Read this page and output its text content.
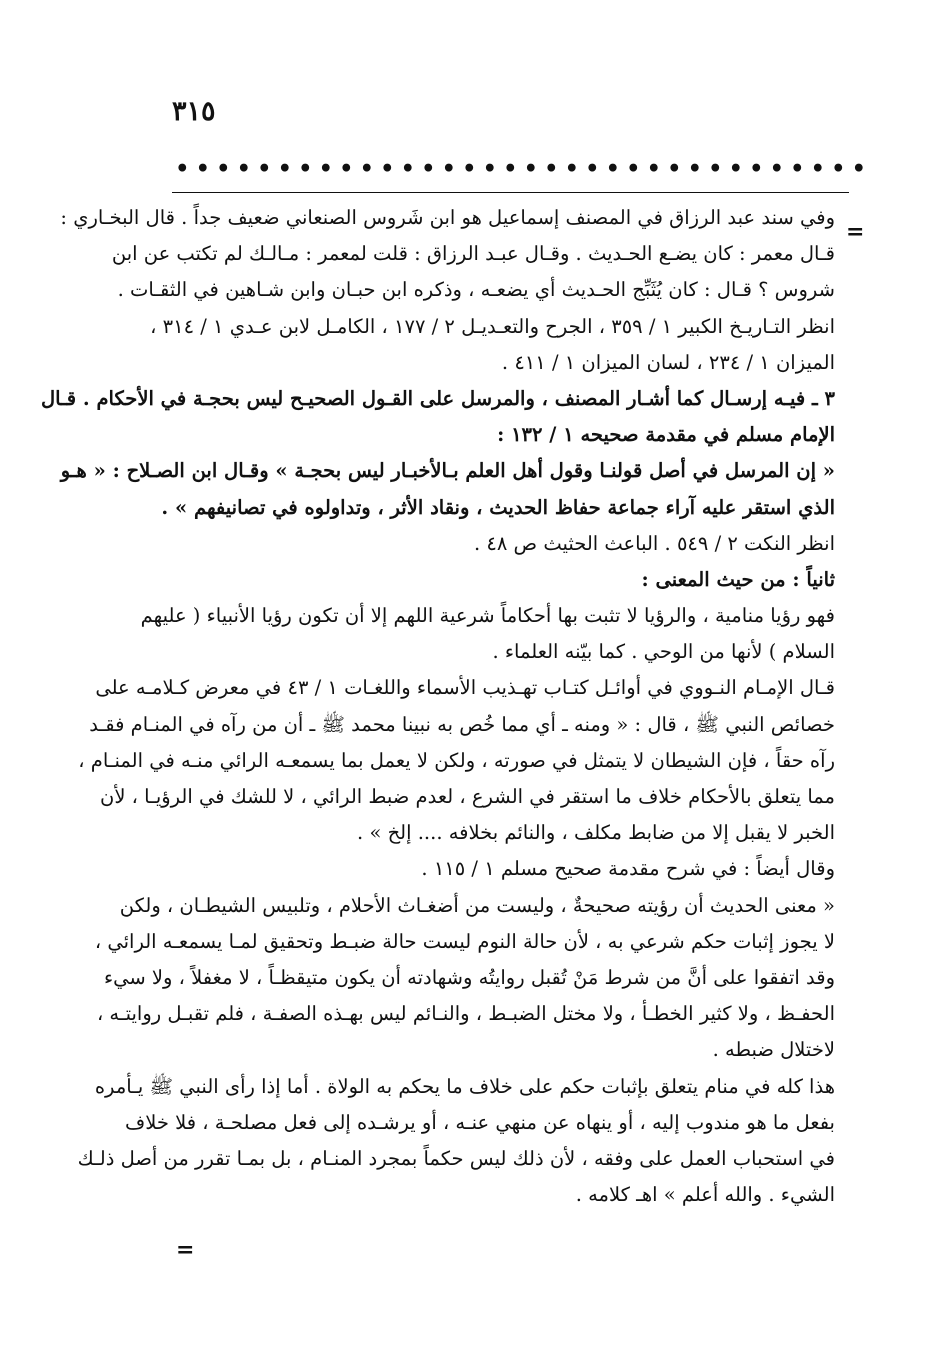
٣١٥
• • • • • • • • • • • • • • • • • • • • • • • • • • • • • • • • • •
=
وفي سند عبد الرزاق في المصنف إسماعيل هو ابن شَروس الصنعاني ضعيف جداً . قال البخـاري :
قـال معمر : كان يضـع الحـديث . وقـال عبـد الرزاق : قلت لمعمر : مـالـك لم تكتب عن ابن
شروس ؟ قـال : كان يُثَبِّج الحـديث أي يضعـه ، وذكره ابن حبـان وابن شـاهين في الثقـات .
انظر التـاريـخ الكبير ١ / ٣٥٩ ، الجرح والتعـديـل ٢ / ١٧٧ ، الكامـل لابن عـدي ١ / ٣١٤ ،
الميزان ١ / ٢٣٤ ، لسان الميزان ١ / ٤١١ .
٣ ـ فيـه إرسـال كما أشـار المصنف ، والمرسل على القـول الصحيـح ليس بحجـة في الأحكام . قـال
الإمام مسلم في مقدمة صحيحه ١ / ١٣٢ :
« إن المرسل في أصل قولنـا وقول أهل العلم بـالأخبـار ليس بحجـة » وقـال ابن الصـلاح : « هـو
الذي استقر عليه آراء جماعة حفاظ الحديث ، ونقاد الأثر ، وتداولوه في تصانيفهم » .
انظر النكت ٢ / ٥٤٩ . الباعث الحثيث ص ٤٨ .
ثانياً : من حيث المعنى :
فهو رؤيا منامية ، والرؤيا لا تثبت بها أحكاماً شرعية اللهم إلا أن تكون رؤيا الأنبياء ( عليهم
السلام ) لأنها من الوحي . كما بيّنه العلماء .
قـال الإمـام النـووي في أوائـل كتـاب تهـذيب الأسماء واللغـات ١ / ٤٣ في معرض كـلامـه على
خصائص النبي ﷺ ، قال : « ومنه ـ أي مما خُص به نبينا محمد ﷺ ـ أن من رآه في المنـام فقـد
رآه حقاً ، فإن الشيطان لا يتمثل في صورته ، ولكن لا يعمل بما يسمعـه الرائي منـه في المنـام ،
مما يتعلق بالأحكام خلاف ما استقر في الشرع ، لعدم ضبط الرائي ، لا للشك في الرؤيـا ، لأن
الخبر لا يقبل إلا من ضابط مكلف ، والنائم بخلافه .... إلخ » .
وقال أيضاً : في شرح مقدمة صحيح مسلم ١ / ١١٥ .
« معنى الحديث أن رؤيته صحيحةٌ ، وليست من أضغـاث الأحلام ، وتلبيس الشيطـان ، ولكن
لا يجوز إثبات حكم شرعي به ، لأن حالة النوم ليست حالة ضبـط وتحقيق لمـا يسمعـه الرائي ،
وقد اتفقوا على أنَّ من شرط مَنْ تُقبل روايتُه وشهادته أن يكون متيقظـاً ، لا مغفلاً ، ولا سيء
الحفـظ ، ولا كثير الخطـأ ، ولا مختل الضبـط ، والنـائم ليس بهـذه الصفـة ، فلم تقبـل روايتـه ،
لاختلال ضبطه .
هذا كله في منام يتعلق بإثبات حكم على خلاف ما يحكم به الولاة . أما إذا رأى النبي ﷺ يـأمره
بفعل ما هو مندوب إليه ، أو ينهاه عن منهي عنـه ، أو يرشـده إلى فعل مصلحـة ، فلا خلاف
في استحباب العمل على وفقه ، لأن ذلك ليس حكماً بمجرد المنـام ، بل بمـا تقرر من أصل ذلـك
الشيء . والله أعلم » اهـ كلامه .
=
